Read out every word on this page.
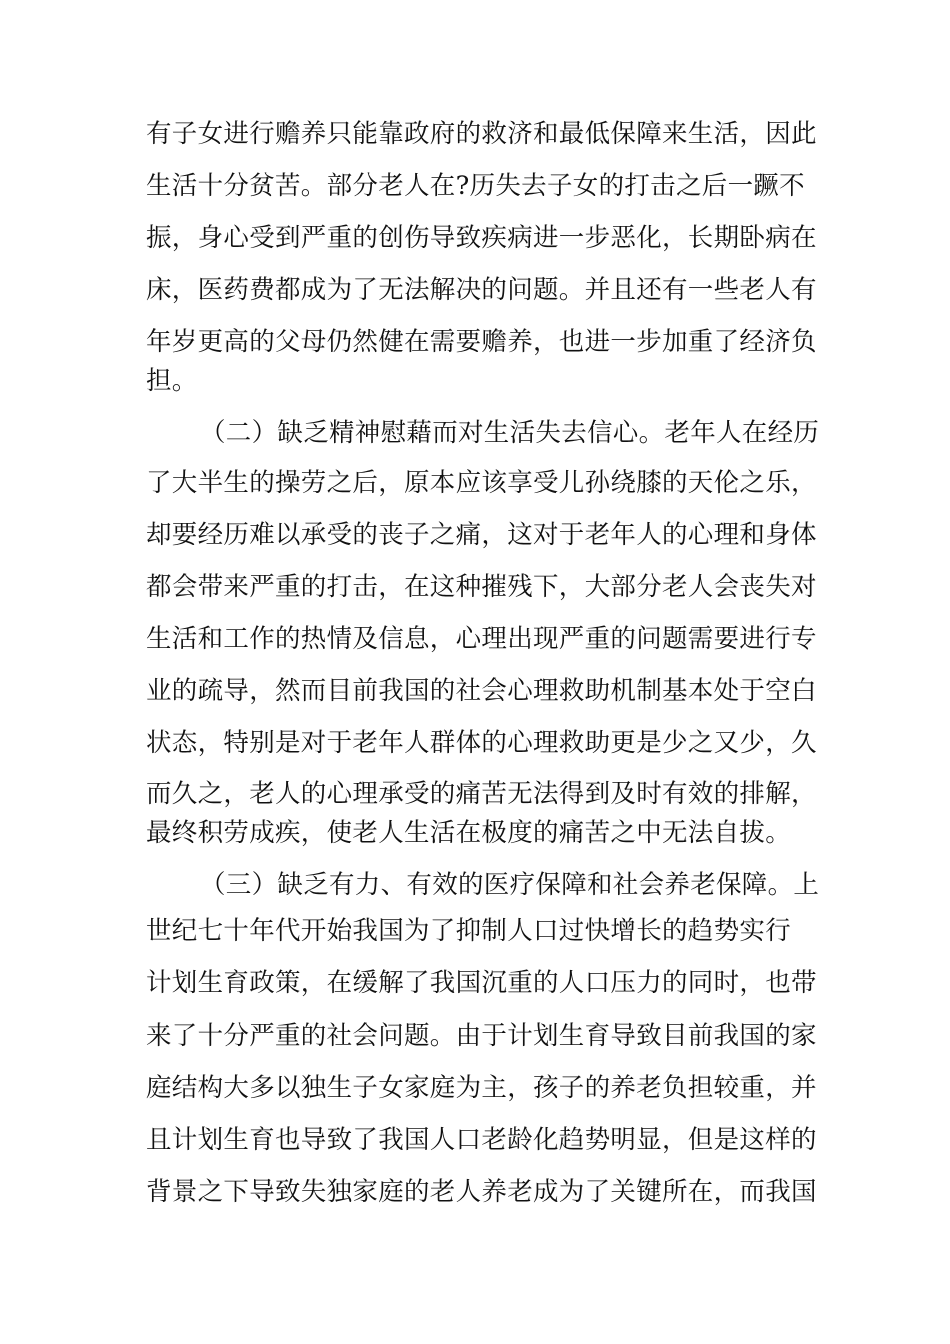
有子女进行赡养只能靠政府的救济和最低保障来生活，因此
生活十分贫苦。部分老人在?历失去子女的打击之后一蹶不
振，身心受到严重的创伤导致疾病进一步恶化，长期卧病在
床，医药费都成为了无法解决的问题。并且还有一些老人有
年岁更高的父母仍然健在需要赡养，也进一步加重了经济负
担。
（二）缺乏精神慰藉而对生活失去信心。老年人在经历
了大半生的操劳之后，原本应该享受儿孙绕膝的天伦之乐，
却要经历难以承受的丧子之痛，这对于老年人的心理和身体
都会带来严重的打击，在这种摧残下，大部分老人会丧失对
生活和工作的热情及信息，心理出现严重的问题需要进行专
业的疏导，然而目前我国的社会心理救助机制基本处于空白
状态，特别是对于老年人群体的心理救助更是少之又少，久
而久之，老人的心理承受的痛苦无法得到及时有效的排解，
最终积劳成疾，使老人生活在极度的痛苦之中无法自拔。
（三）缺乏有力、有效的医疗保障和社会养老保障。上
世纪七十年代开始我国为了抑制人口过快增长的趋势实行
计划生育政策，在缓解了我国沉重的人口压力的同时，也带
来了十分严重的社会问题。由于计划生育导致目前我国的家
庭结构大多以独生子女家庭为主，孩子的养老负担较重，并
且计划生育也导致了我国人口老龄化趋势明显，但是这样的
背景之下导致失独家庭的老人养老成为了关键所在，而我国
